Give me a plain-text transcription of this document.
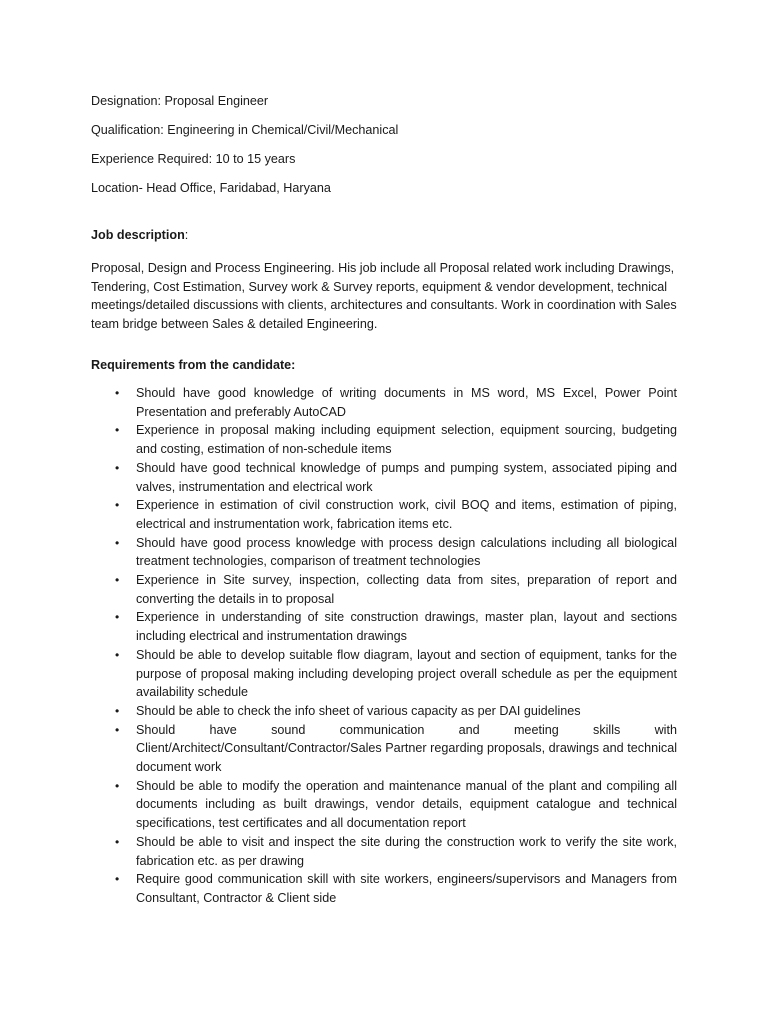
Designation: Proposal Engineer

Qualification: Engineering in Chemical/Civil/Mechanical

Experience Required: 10 to 15 years

Location- Head Office, Faridabad, Haryana

Job description:

Proposal, Design and Process Engineering. His job include all Proposal related work including Drawings, Tendering, Cost Estimation, Survey work & Survey reports, equipment & vendor development, technical meetings/detailed discussions with clients, architectures and consultants. Work in coordination with Sales team bridge between Sales & detailed Engineering.

Requirements from the candidate:

• Should have good knowledge of writing documents in MS word, MS Excel, Power Point Presentation and preferably AutoCAD
• Experience in proposal making including equipment selection, equipment sourcing, budgeting and costing, estimation of non-schedule items
• Should have good technical knowledge of pumps and pumping system, associated piping and valves, instrumentation and electrical work
• Experience in estimation of civil construction work, civil BOQ and items, estimation of piping, electrical and instrumentation work, fabrication items etc.
• Should have good process knowledge with process design calculations including all biological treatment technologies, comparison of treatment technologies
• Experience in Site survey, inspection, collecting data from sites, preparation of report and converting the details in to proposal
• Experience in understanding of site construction drawings, master plan, layout and sections including electrical and instrumentation drawings
• Should be able to develop suitable flow diagram, layout and section of equipment, tanks for the purpose of proposal making including developing project overall schedule as per the equipment availability schedule
• Should be able to check the info sheet of various capacity as per DAI guidelines
• Should have sound communication and meeting skills with Client/Architect/Consultant/Contractor/Sales Partner regarding proposals, drawings and technical document work
• Should be able to modify the operation and maintenance manual of the plant and compiling all documents including as built drawings, vendor details, equipment catalogue and technical specifications, test certificates and all documentation report
• Should be able to visit and inspect the site during the construction work to verify the site work, fabrication etc. as per drawing
• Require good communication skill with site workers, engineers/supervisors and Managers from Consultant, Contractor & Client side
